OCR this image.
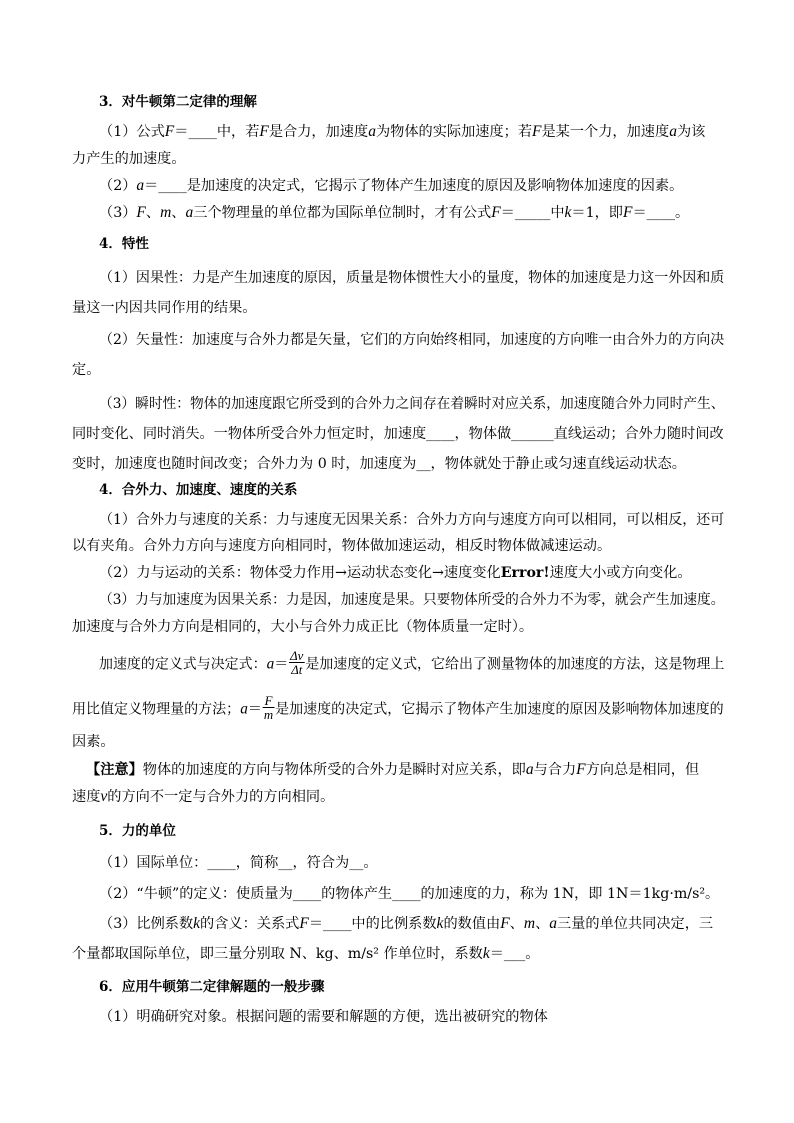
3．对牛顿第二定律的理解
（1）公式F＝____中，若F是合力，加速度a为物体的实际加速度；若F是某一个力，加速度a为该
力产生的加速度。
（2）a＝____是加速度的决定式，它揭示了物体产生加速度的原因及影响物体加速度的因素。
（3）F、m、a三个物理量的单位都为国际单位制时，才有公式F＝_____中k＝1，即F＝____。
4．特性
（1）因果性：力是产生加速度的原因，质量是物体惯性大小的量度，物体的加速度是力这一外因和质
量这一内因共同作用的结果。
（2）矢量性：加速度与合外力都是矢量，它们的方向始终相同，加速度的方向唯一由合外力的方向决
定。
（3）瞬时性：物体的加速度跟它所受到的合外力之间存在着瞬时对应关系，加速度随合外力同时产生、
同时变化、同时消失。一物体所受合外力恒定时，加速度____，物体做______直线运动；合外力随时间改
变时，加速度也随时间改变；合外力为 0 时，加速度为__，物体就处于静止或匀速直线运动状态。
4．合外力、加速度、速度的关系
（1）合外力与速度的关系：力与速度无因果关系：合外力方向与速度方向可以相同，可以相反，还可
以有夹角。合外力方向与速度方向相同时，物体做加速运动，相反时物体做减速运动。
（2）力与运动的关系：物体受力作用→运动状态变化→速度变化Error!速度大小或方向变化。
（3）力与加速度为因果关系：力是因，加速度是果。只要物体所受的合外力不为零，就会产生加速度。
加速度与合外力方向是相同的，大小与合外力成正比（物体质量一定时）。
加速度的定义式与决定式：$a= \frac{\Delta v}{\Delta t}$ 是加速度的定义式，它给出了测量物体的加速度的方法，这是物理上
用比值定义物理量的方法；$a= \frac{F}{m}$ 是加速度的决定式，它揭示了物体产生加速度的原因及影响物体加速度的
因素。
【注意】物体的加速度的方向与物体所受的合外力是瞬时对应关系，即a与合力F方向总是相同，但
速度v的方向不一定与合外力的方向相同。
5．力的单位
（1）国际单位：____，简称__，符合为__。
（2）“牛顿”的定义：使质量为____的物体产生____的加速度的力，称为 1N，即 1N＝1kg·m/s²。
（3）比例系数k的含义：关系式F＝____中的比例系数k的数值由F、m、a三量的单位共同决定，三
个量都取国际单位，即三量分别取 N、kg、m/s² 作单位时，系数k＝___。
6．应用牛顿第二定律解题的一般步骤
（1）明确研究对象。根据问题的需要和解题的方便，选出被研究的物体
